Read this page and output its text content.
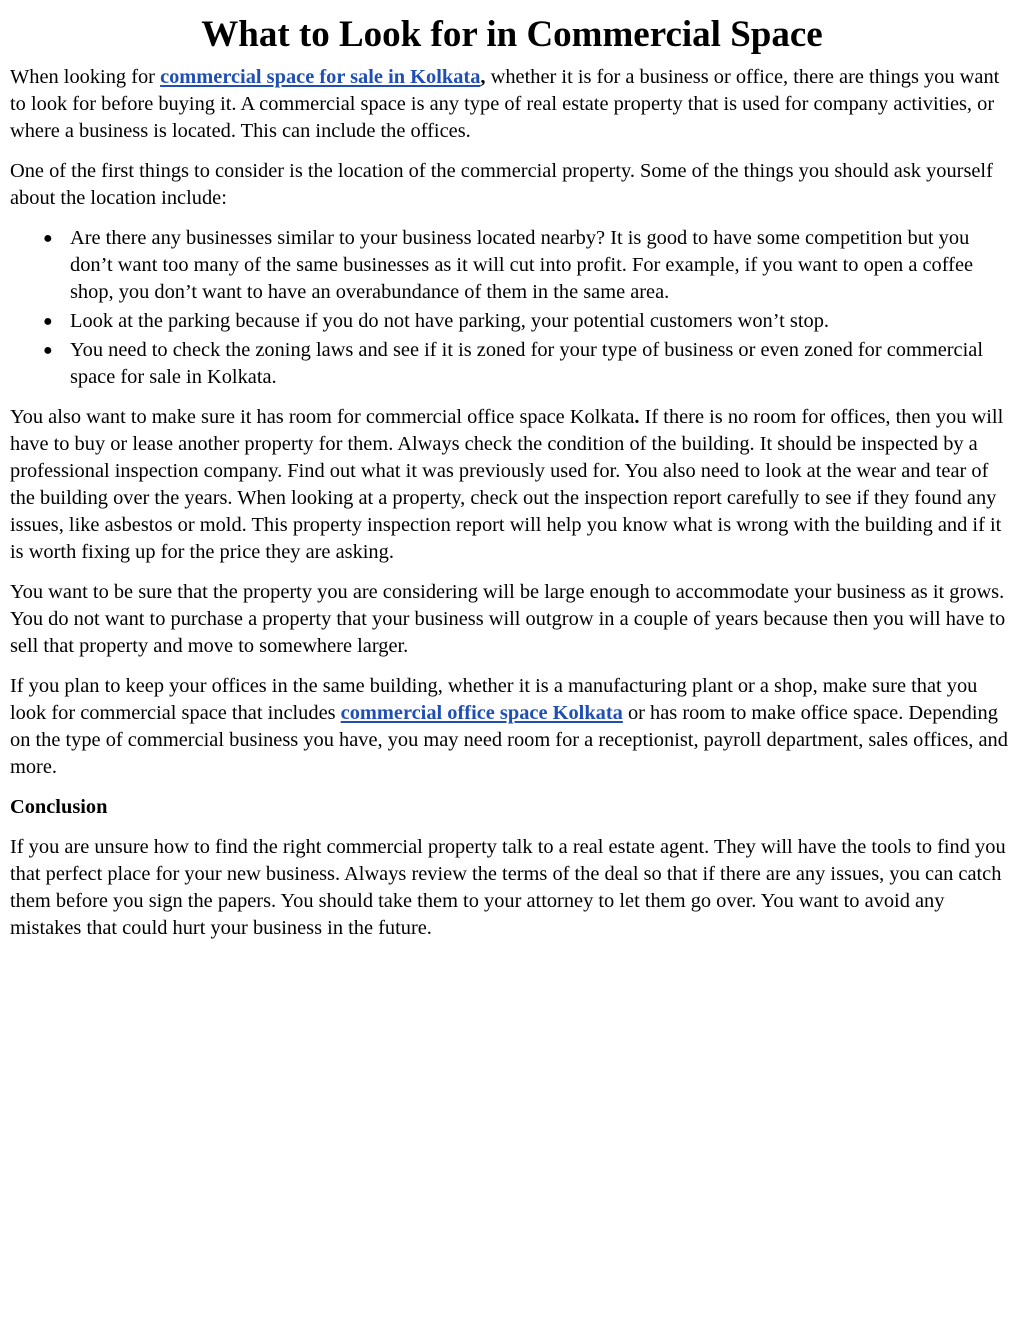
What to Look for in Commercial Space

When looking for commercial space for sale in Kolkata, whether it is for a business or office, there are things you want to look for before buying it. A commercial space is any type of real estate property that is used for company activities, or where a business is located. This can include the offices.

One of the first things to consider is the location of the commercial property. Some of the things you should ask yourself about the location include:

● Are there any businesses similar to your business located nearby? It is good to have some competition but you don’t want too many of the same businesses as it will cut into profit. For example, if you want to open a coffee shop, you don’t want to have an overabundance of them in the same area.
● Look at the parking because if you do not have parking, your potential customers won’t stop.
● You need to check the zoning laws and see if it is zoned for your type of business or even zoned for commercial space for sale in Kolkata.

You also want to make sure it has room for commercial office space Kolkata. If there is no room for offices, then you will have to buy or lease another property for them. Always check the condition of the building. It should be inspected by a professional inspection company. Find out what it was previously used for. You also need to look at the wear and tear of the building over the years. When looking at a property, check out the inspection report carefully to see if they found any issues, like asbestos or mold. This property inspection report will help you know what is wrong with the building and if it is worth fixing up for the price they are asking.

You want to be sure that the property you are considering will be large enough to accommodate your business as it grows. You do not want to purchase a property that your business will outgrow in a couple of years because then you will have to sell that property and move to somewhere larger.

If you plan to keep your offices in the same building, whether it is a manufacturing plant or a shop, make sure that you look for commercial space that includes commercial office space Kolkata or has room to make office space. Depending on the type of commercial business you have, you may need room for a receptionist, payroll department, sales offices, and more.

Conclusion

If you are unsure how to find the right commercial property talk to a real estate agent. They will have the tools to find you that perfect place for your new business. Always review the terms of the deal so that if there are any issues, you can catch them before you sign the papers. You should take them to your attorney to let them go over. You want to avoid any mistakes that could hurt your business in the future.
